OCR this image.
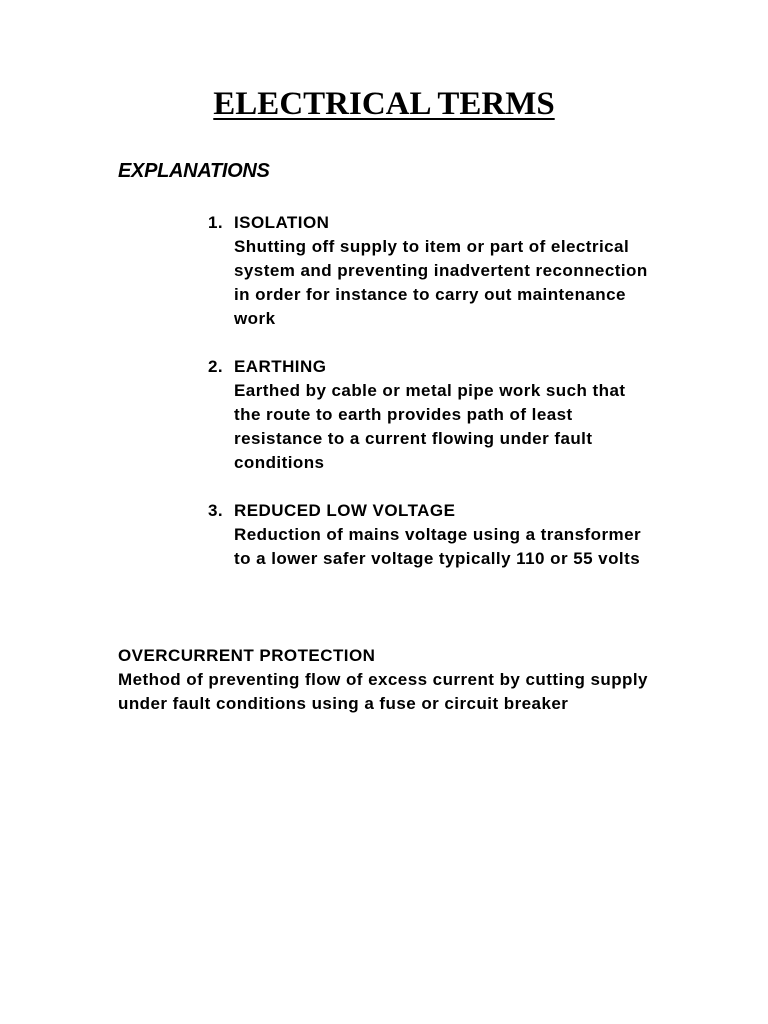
ELECTRICAL TERMS
EXPLANATIONS
1. ISOLATION
Shutting off supply to item or part of electrical system and preventing inadvertent reconnection in order for instance to carry out maintenance work
2. EARTHING
Earthed by cable or metal pipe work such that the route to earth provides path of least resistance to a current flowing under fault conditions
3. REDUCED LOW VOLTAGE
Reduction of mains voltage using a transformer to a lower safer voltage typically 110 or 55 volts
OVERCURRENT PROTECTION
Method of preventing flow of excess current by cutting supply under fault conditions using a fuse or circuit breaker
